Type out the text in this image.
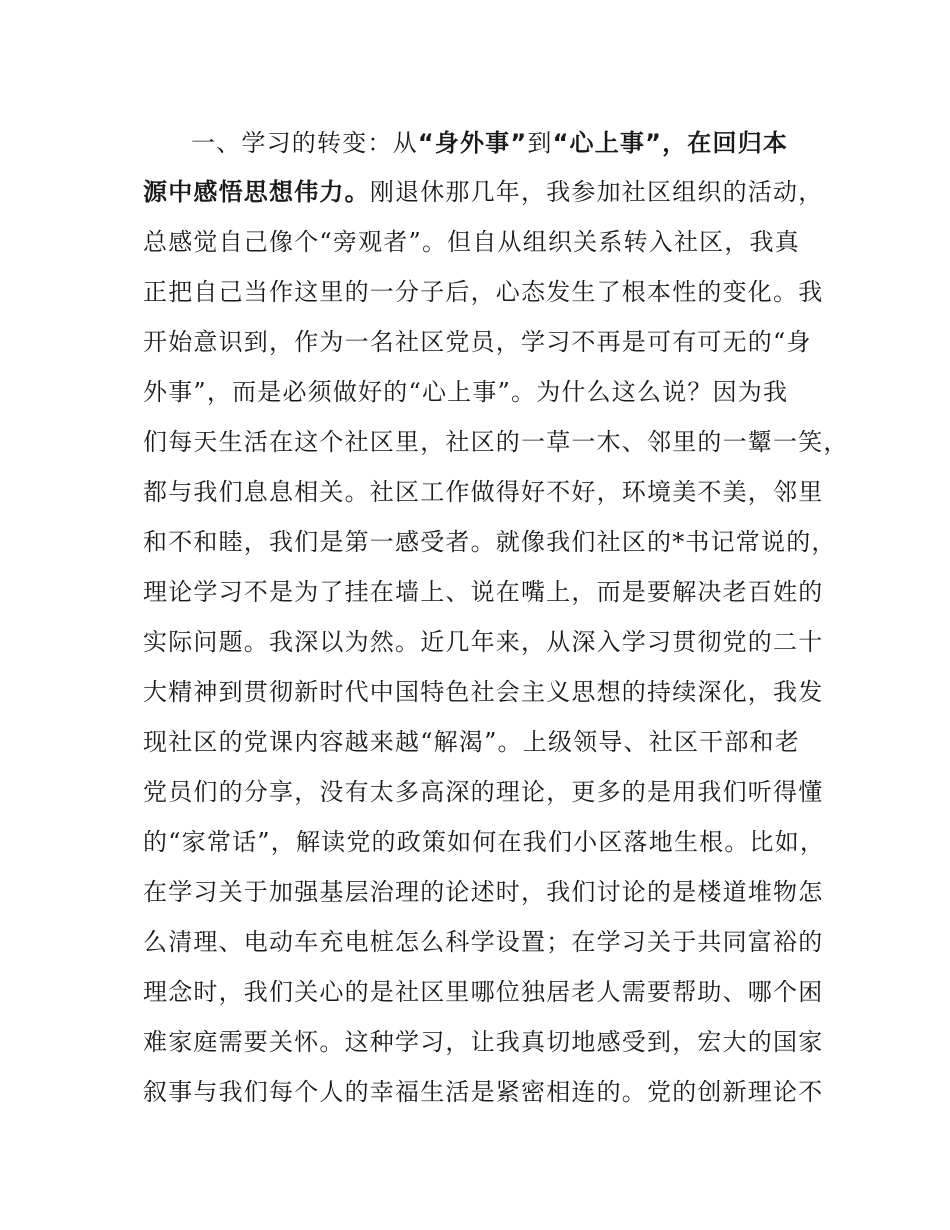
一、学习的转变：从“身外事”到“心上事”，在回归本
源中感悟思想伟力。刚退休那几年，我参加社区组织的活动，
总感觉自己像个“旁观者”。但自从组织关系转入社区，我真
正把自己当作这里的一分子后，心态发生了根本性的变化。我
开始意识到，作为一名社区党员，学习不再是可有可无的“身
外事”，而是必须做好的“心上事”。为什么这么说？因为我
们每天生活在这个社区里，社区的一草一木、邻里的一颦一笑，
都与我们息息相关。社区工作做得好不好，环境美不美，邻里
和不和睦，我们是第一感受者。就像我们社区的*书记常说的，
理论学习不是为了挂在墙上、说在嘴上，而是要解决老百姓的
实际问题。我深以为然。近几年来，从深入学习贯彻党的二十
大精神到贯彻新时代中国特色社会主义思想的持续深化，我发
现社区的党课内容越来越“解渴”。上级领导、社区干部和老
党员们的分享，没有太多高深的理论，更多的是用我们听得懂
的“家常话”，解读党的政策如何在我们小区落地生根。比如，
在学习关于加强基层治理的论述时，我们讨论的是楼道堆物怎
么清理、电动车充电桩怎么科学设置；在学习关于共同富裕的
理念时，我们关心的是社区里哪位独居老人需要帮助、哪个困
难家庭需要关怀。这种学习，让我真切地感受到，宏大的国家
叙事与我们每个人的幸福生活是紧密相连的。党的创新理论不
